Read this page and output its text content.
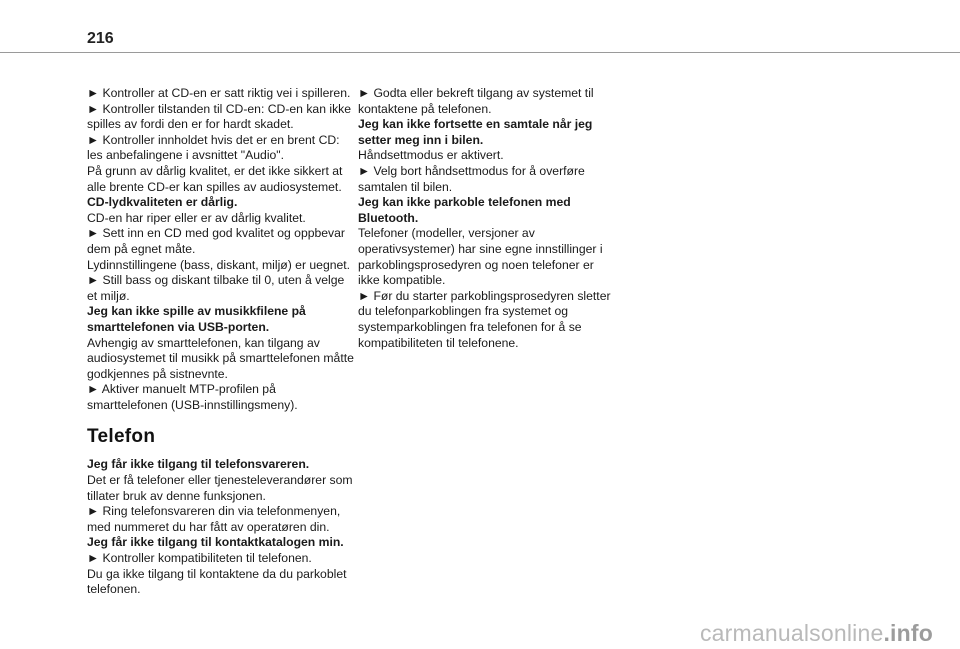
216

► Kontroller at CD-en er satt riktig vei i spilleren.

► Kontroller tilstanden til CD-en: CD-en kan ikke spilles av fordi den er for hardt skadet.

► Kontroller innholdet hvis det er en brent CD: les anbefalingene i avsnittet "Audio".

På grunn av dårlig kvalitet, er det ikke sikkert at alle brente CD-er kan spilles av audiosystemet.

CD-lydkvaliteten er dårlig.

CD-en har riper eller er av dårlig kvalitet.

► Sett inn en CD med god kvalitet og oppbevar dem på egnet måte.

Lydinnstillingene (bass, diskant, miljø) er uegnet.

► Still bass og diskant tilbake til 0, uten å velge et miljø.

Jeg kan ikke spille av musikkfilene på smarttelefonen via USB-porten.

Avhengig av smarttelefonen, kan tilgang av audiosystemet til musikk på smarttelefonen måtte godkjennes på sistnevnte.

► Aktiver manuelt MTP-profilen på smarttelefonen (USB-innstillingsmeny).

Telefon

Jeg får ikke tilgang til telefonsvareren.

Det er få telefoner eller tjenesteleverandører som tillater bruk av denne funksjonen.

► Ring telefonsvareren din via telefonmenyen, med nummeret du har fått av operatøren din.

Jeg får ikke tilgang til kontaktkatalogen min.

► Kontroller kompatibiliteten til telefonen.

Du ga ikke tilgang til kontaktene da du parkoblet telefonen.

► Godta eller bekreft tilgang av systemet til kontaktene på telefonen.

Jeg kan ikke fortsette en samtale når jeg setter meg inn i bilen.

Håndsettmodus er aktivert.

► Velg bort håndsettmodus for å overføre samtalen til bilen.

Jeg kan ikke parkoble telefonen med Bluetooth.

Telefoner (modeller, versjoner av operativsystemer) har sine egne innstillinger i parkoblingsprosedyren og noen telefoner er ikke kompatible.

► Før du starter parkoblingsprosedyren sletter du telefonparkoblingen fra systemet og systemparkoblingen fra telefonen for å se kompatibiliteten til telefonene.

carmanualsonline.info
